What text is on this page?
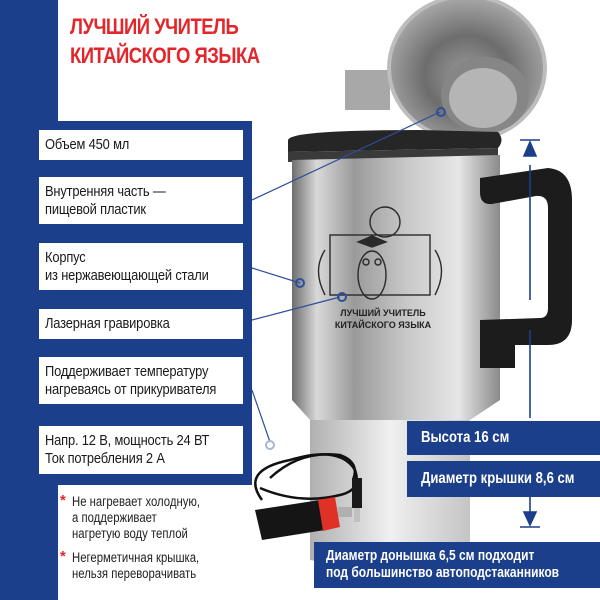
ЛУЧШИЙ УЧИТЕЛЬ
КИТАЙСКОГО ЯЗЫКА
ЛУЧШИЙ УЧИТЕЛЬ
КИТАЙСКОГО ЯЗЫКА
Объем 450 мл
Внутренняя часть —
пищевой пластик
Корпус
из нержавеющающей стали
Лазерная гравировка
Поддерживает температуру
нагреваясь от прикуривателя
Напр. 12 В, мощность 24 ВТ
Ток потребления 2 А
* Не нагревает холодную,
а поддерживает
нагретую воду теплой
* Негерметичная крышка,
нельзя переворачивать
Высота 16 см
Диаметр крышки 8,6 см
Диаметр донышка 6,5 см подходит
под большинство автоподстаканников
